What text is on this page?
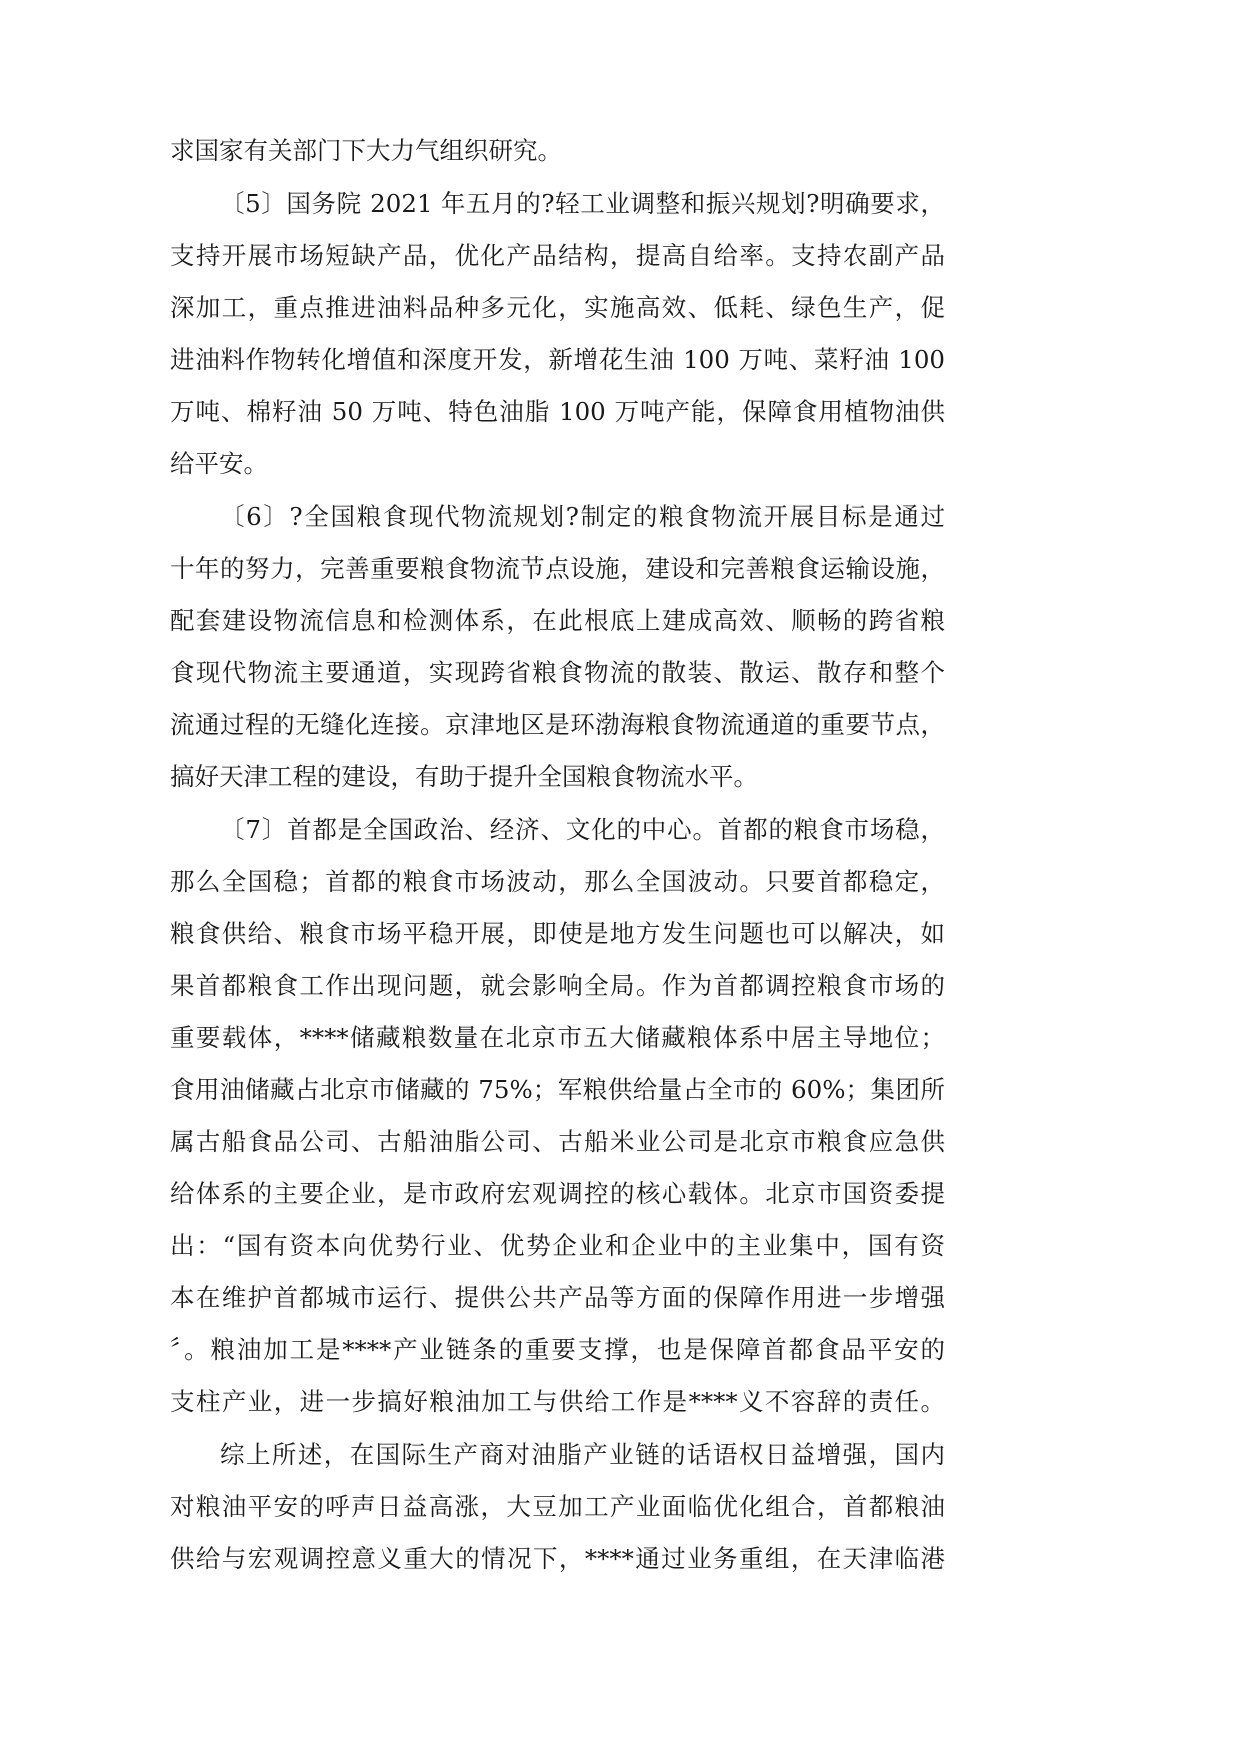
求国家有关部门下大力气组织研究。
〔5〕国务院 2021 年五月的?轻工业调整和振兴规划?明确要求，
支持开展市场短缺产品，优化产品结构，提高自给率。支持农副产品
深加工，重点推进油料品种多元化，实施高效、低耗、绿色生产，促
进油料作物转化增值和深度开发，新增花生油 100 万吨、菜籽油 100
万吨、棉籽油 50 万吨、特色油脂 100 万吨产能，保障食用植物油供
给平安。
〔6〕?全国粮食现代物流规划?制定的粮食物流开展目标是通过
十年的努力，完善重要粮食物流节点设施，建设和完善粮食运输设施，
配套建设物流信息和检测体系，在此根底上建成高效、顺畅的跨省粮
食现代物流主要通道，实现跨省粮食物流的散装、散运、散存和整个
流通过程的无缝化连接。京津地区是环渤海粮食物流通道的重要节点，
搞好天津工程的建设，有助于提升全国粮食物流水平。
〔7〕首都是全国政治、经济、文化的中心。首都的粮食市场稳，
那么全国稳；首都的粮食市场波动，那么全国波动。只要首都稳定，
粮食供给、粮食市场平稳开展，即使是地方发生问题也可以解决，如
果首都粮食工作出现问题，就会影响全局。作为首都调控粮食市场的
重要载体，****储藏粮数量在北京市五大储藏粮体系中居主导地位；
食用油储藏占北京市储藏的 75%；军粮供给量占全市的 60%；集团所
属古船食品公司、古船油脂公司、古船米业公司是北京市粮食应急供
给体系的主要企业，是市政府宏观调控的核心载体。北京市国资委提
出：“国有资本向优势行业、优势企业和企业中的主业集中，国有资
本在维护首都城市运行、提供公共产品等方面的保障作用进一步增强
〞。粮油加工是****产业链条的重要支撑，也是保障首都食品平安的
支柱产业，进一步搞好粮油加工与供给工作是****义不容辞的责任。
综上所述，在国际生产商对油脂产业链的话语权日益增强，国内
对粮油平安的呼声日益高涨，大豆加工产业面临优化组合，首都粮油
供给与宏观调控意义重大的情况下，****通过业务重组，在天津临港
